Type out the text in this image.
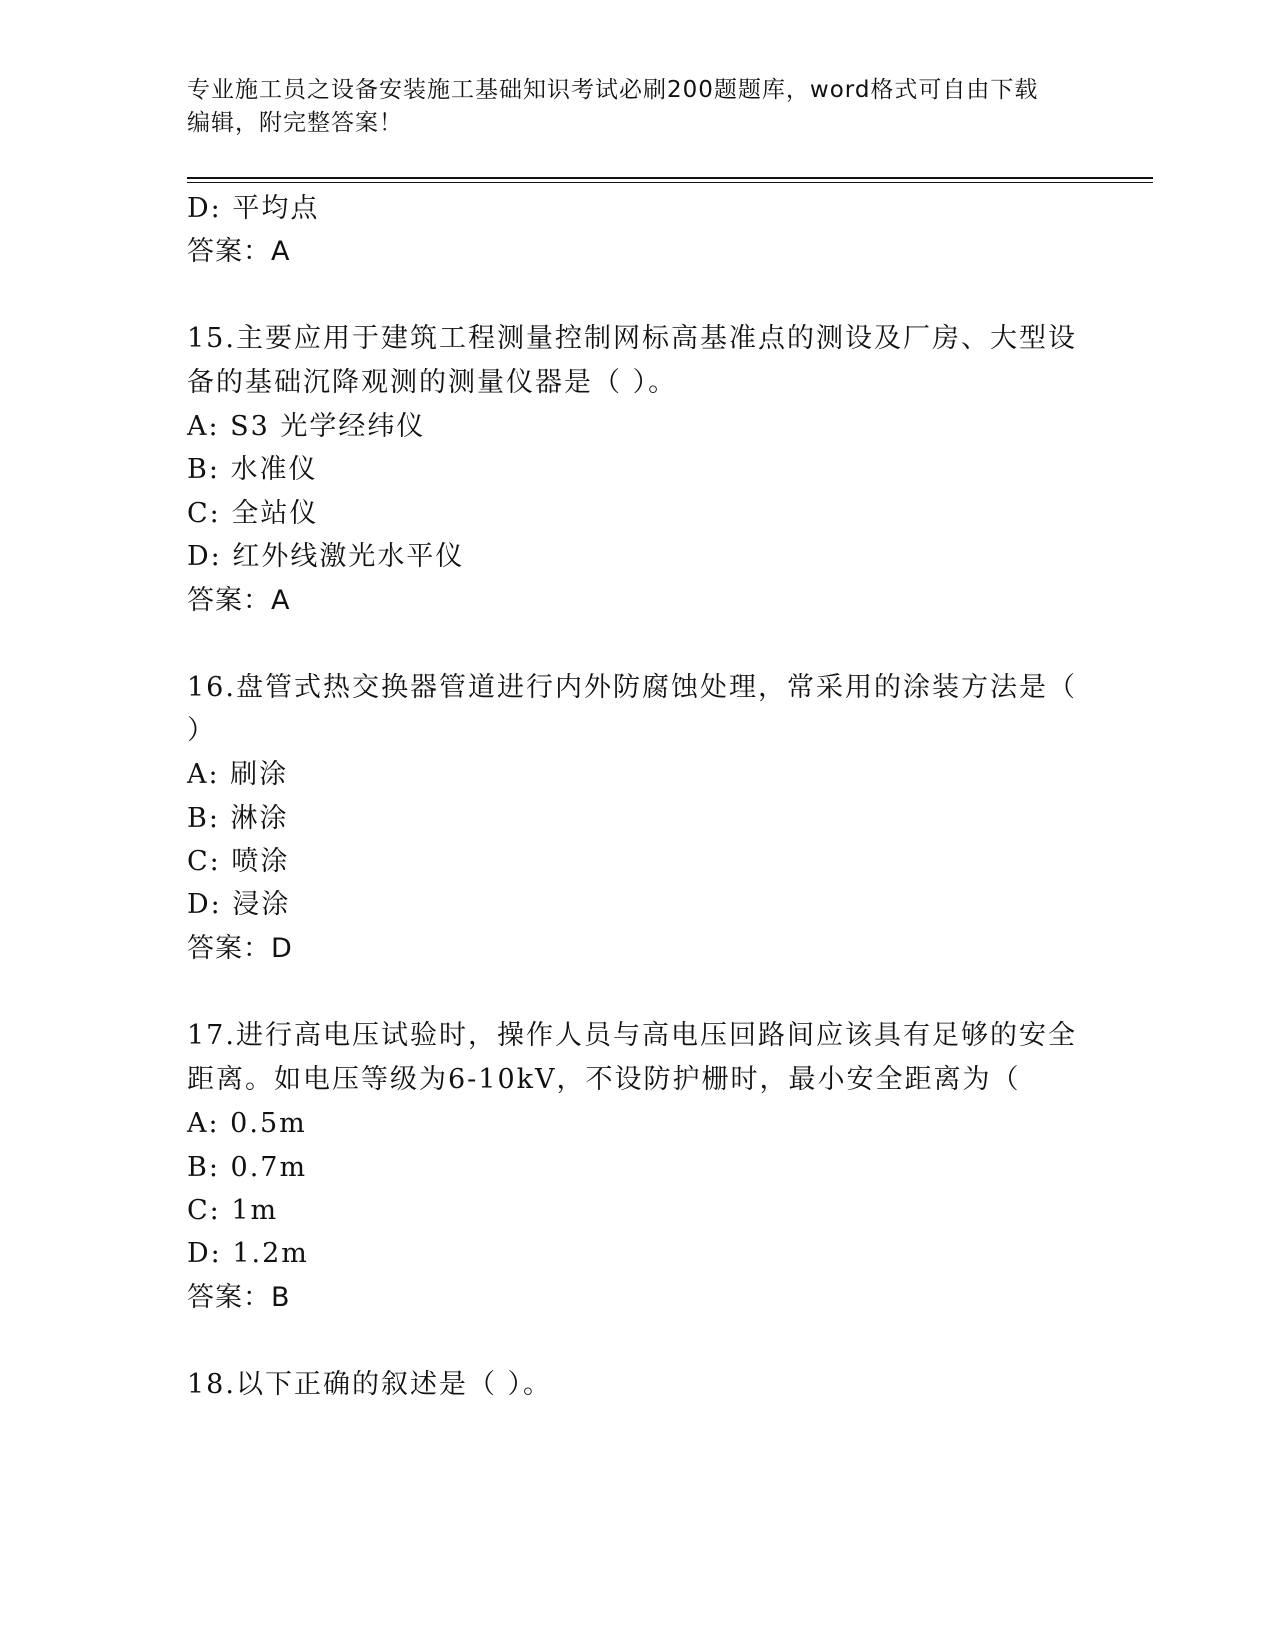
专业施工员之设备安装施工基础知识考试必刷200题题库，word格式可自由下载
编辑，附完整答案！
D: 平均点
答案：A
15.主要应用于建筑工程测量控制网标高基准点的测设及厂房、大型设
备的基础沉降观测的测量仪器是（ ）。
A: S3 光学经纬仪
B: 水准仪
C: 全站仪
D: 红外线激光水平仪
答案：A
16.盘管式热交换器管道进行内外防腐蚀处理，常采用的涂装方法是（
）
A: 刷涂
B: 淋涂
C: 喷涂
D: 浸涂
答案：D
17.进行高电压试验时，操作人员与高电压回路间应该具有足够的安全
距离。如电压等级为6-10kV，不设防护栅时，最小安全距离为（
A: 0.5m
B: 0.7m
C: 1m
D: 1.2m
答案：B
18.以下正确的叙述是（ ）。
